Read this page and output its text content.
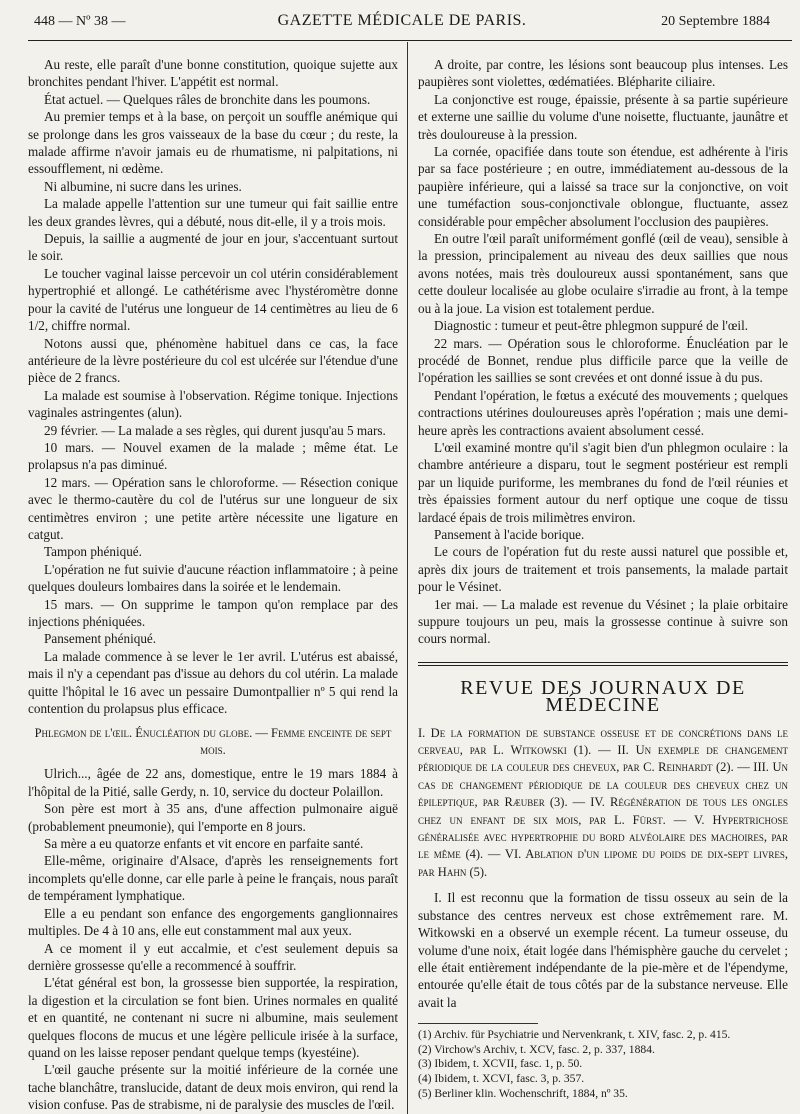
448 — Nº 38 —	GAZETTE MÉDICALE DE PARIS.	20 Septembre 1884

Au reste, elle paraît d'une bonne constitution, quoique sujette aux bronchites pendant l'hiver. L'appétit est normal.

État actuel. — Quelques râles de bronchite dans les poumons.

Au premier temps et à la base, on perçoit un souffle anémique qui se prolonge dans les gros vaisseaux de la base du cœur ; du reste, la malade affirme n'avoir jamais eu de rhumatisme, ni palpitations, ni essoufflement, ni œdème.

Ni albumine, ni sucre dans les urines.

La malade appelle l'attention sur une tumeur qui fait saillie entre les deux grandes lèvres, qui a débuté, nous dit-elle, il y a trois mois.

Depuis, la saillie a augmenté de jour en jour, s'accentuant surtout le soir.

Le toucher vaginal laisse percevoir un col utérin considérablement hypertrophié et allongé. Le cathétérisme avec l'hystéromètre donne pour la cavité de l'utérus une longueur de 14 centimètres au lieu de 6 1/2, chiffre normal.

Notons aussi que, phénomène habituel dans ce cas, la face antérieure de la lèvre postérieure du col est ulcérée sur l'étendue d'une pièce de 2 francs.

La malade est soumise à l'observation. Régime tonique. Injections vaginales astringentes (alun).

29 février. — La malade a ses règles, qui durent jusqu'au 5 mars.

10 mars. — Nouvel examen de la malade ; même état. Le prolapsus n'a pas diminué.

12 mars. — Opération sans le chloroforme. — Résection conique avec le thermo-cautère du col de l'utérus sur une longueur de six centimètres environ ; une petite artère nécessite une ligature en catgut.

Tampon phéniqué.

L'opération ne fut suivie d'aucune réaction inflammatoire ; à peine quelques douleurs lombaires dans la soirée et le lendemain.

15 mars. — On supprime le tampon qu'on remplace par des injections phéniquées.

Pansement phéniqué.

La malade commence à se lever le 1er avril. L'utérus est abaissé, mais il n'y a cependant pas d'issue au dehors du col utérin. La malade quitte l'hôpital le 16 avec un pessaire Dumontpallier nº 5 qui rend la contention du prolapsus plus efficace.

Phlegmon de l'œil. Énucléation du globe. — Femme enceinte de sept mois.

Ulrich..., âgée de 22 ans, domestique, entre le 19 mars 1884 à l'hôpital de la Pitié, salle Gerdy, n. 10, service du docteur Polaillon.

Son père est mort à 35 ans, d'une affection pulmonaire aiguë (probablement pneumonie), qui l'emporte en 8 jours.

Sa mère a eu quatorze enfants et vit encore en parfaite santé.

Elle-même, originaire d'Alsace, d'après les renseignements fort incomplets qu'elle donne, car elle parle à peine le français, nous paraît de tempérament lymphatique.

Elle a eu pendant son enfance des engorgements ganglionnaires multiples. De 4 à 10 ans, elle eut constamment mal aux yeux.

A ce moment il y eut accalmie, et c'est seulement depuis sa dernière grossesse qu'elle a recommencé à souffrir.

L'état général est bon, la grossesse bien supportée, la respiration, la digestion et la circulation se font bien. Urines normales en qualité et en quantité, ne contenant ni sucre ni albumine, mais seulement quelques flocons de mucus et une légère pellicule irisée à la surface, quand on les laisse reposer pendant quelque temps (kyestéine).

L'œil gauche présente sur la moitié inférieure de la cornée une tache blanchâtre, translucide, datant de deux mois environ, qui rend la vision confuse. Pas de strabisme, ni de paralysie des muscles de l'œil.

A droite, par contre, les lésions sont beaucoup plus intenses. Les paupières sont violettes, œdématiées. Blépharite ciliaire.

La conjonctive est rouge, épaissie, présente à sa partie supérieure et externe une saillie du volume d'une noisette, fluctuante, jaunâtre et très douloureuse à la pression.

La cornée, opacifiée dans toute son étendue, est adhérente à l'iris par sa face postérieure ; en outre, immédiatement au-dessous de la paupière inférieure, qui a laissé sa trace sur la conjonctive, on voit une tuméfaction sous-conjonctivale oblongue, fluctuante, assez considérable pour empêcher absolument l'occlusion des paupières.

En outre l'œil paraît uniformément gonflé (œil de veau), sensible à la pression, principalement au niveau des deux saillies que nous avons notées, mais très douloureux aussi spontanément, sans que cette douleur localisée au globe oculaire s'irradie au front, à la tempe ou à la joue. La vision est totalement perdue.

Diagnostic : tumeur et peut-être phlegmon suppuré de l'œil.

22 mars. — Opération sous le chloroforme. Énucléation par le procédé de Bonnet, rendue plus difficile parce que la veille de l'opération les saillies se sont crevées et ont donné issue à du pus.

Pendant l'opération, le fœtus a exécuté des mouvements ; quelques contractions utérines douloureuses après l'opération ; mais une demi-heure après les contractions avaient absolument cessé.

L'œil examiné montre qu'il s'agit bien d'un phlegmon oculaire : la chambre antérieure a disparu, tout le segment postérieur est rempli par un liquide puriforme, les membranes du fond de l'œil réunies et très épaissies forment autour du nerf optique une coque de tissu lardacé épais de trois milimètres environ.

Pansement à l'acide borique.

Le cours de l'opération fut du reste aussi naturel que possible et, après dix jours de traitement et trois pansements, la malade partait pour le Vésinet.

1er mai. — La malade est revenue du Vésinet ; la plaie orbitaire suppure toujours un peu, mais la grossesse continue à suivre son cours normal.

REVUE DES JOURNAUX DE MÉDECINE
I. De la formation de substance osseuse et de concrétions dans le cerveau, par L. Witkowski (1). — II. Un exemple de changement périodique de la couleur des cheveux, par C. Reinhardt (2). — III. Un cas de changement périodique de la couleur des cheveux chez un épileptique, par Ræuber (3). — IV. Régénération de tous les ongles chez un enfant de six mois, par L. Fürst. — V. Hypertrichose généralisée avec hypertrophie du bord alvéolaire des machoires, par le même (4). — VI. Ablation d'un lipome du poids de dix-sept livres, par Hahn (5).

I. Il est reconnu que la formation de tissu osseux au sein de la substance des centres nerveux est chose extrêmement rare. M. Witkowski en a observé un exemple récent. La tumeur osseuse, du volume d'une noix, était logée dans l'hémisphère gauche du cervelet ; elle était entièrement indépendante de la pie-mère et de l'épendyme, entourée qu'elle était de tous côtés par de la substance nerveuse. Elle avait la

(1) Archiv. für Psychiatrie und Nervenkrank, t. XIV, fasc. 2, p. 415.

(2) Virchow's Archiv, t. XCV, fasc. 2, p. 337, 1884.

(3) Ibidem, t. XCVII, fasc. 1, p. 50.

(4) Ibidem, t. XCVI, fasc. 3, p. 357.

(5) Berliner klin. Wochenschrift, 1884, nº 35.
